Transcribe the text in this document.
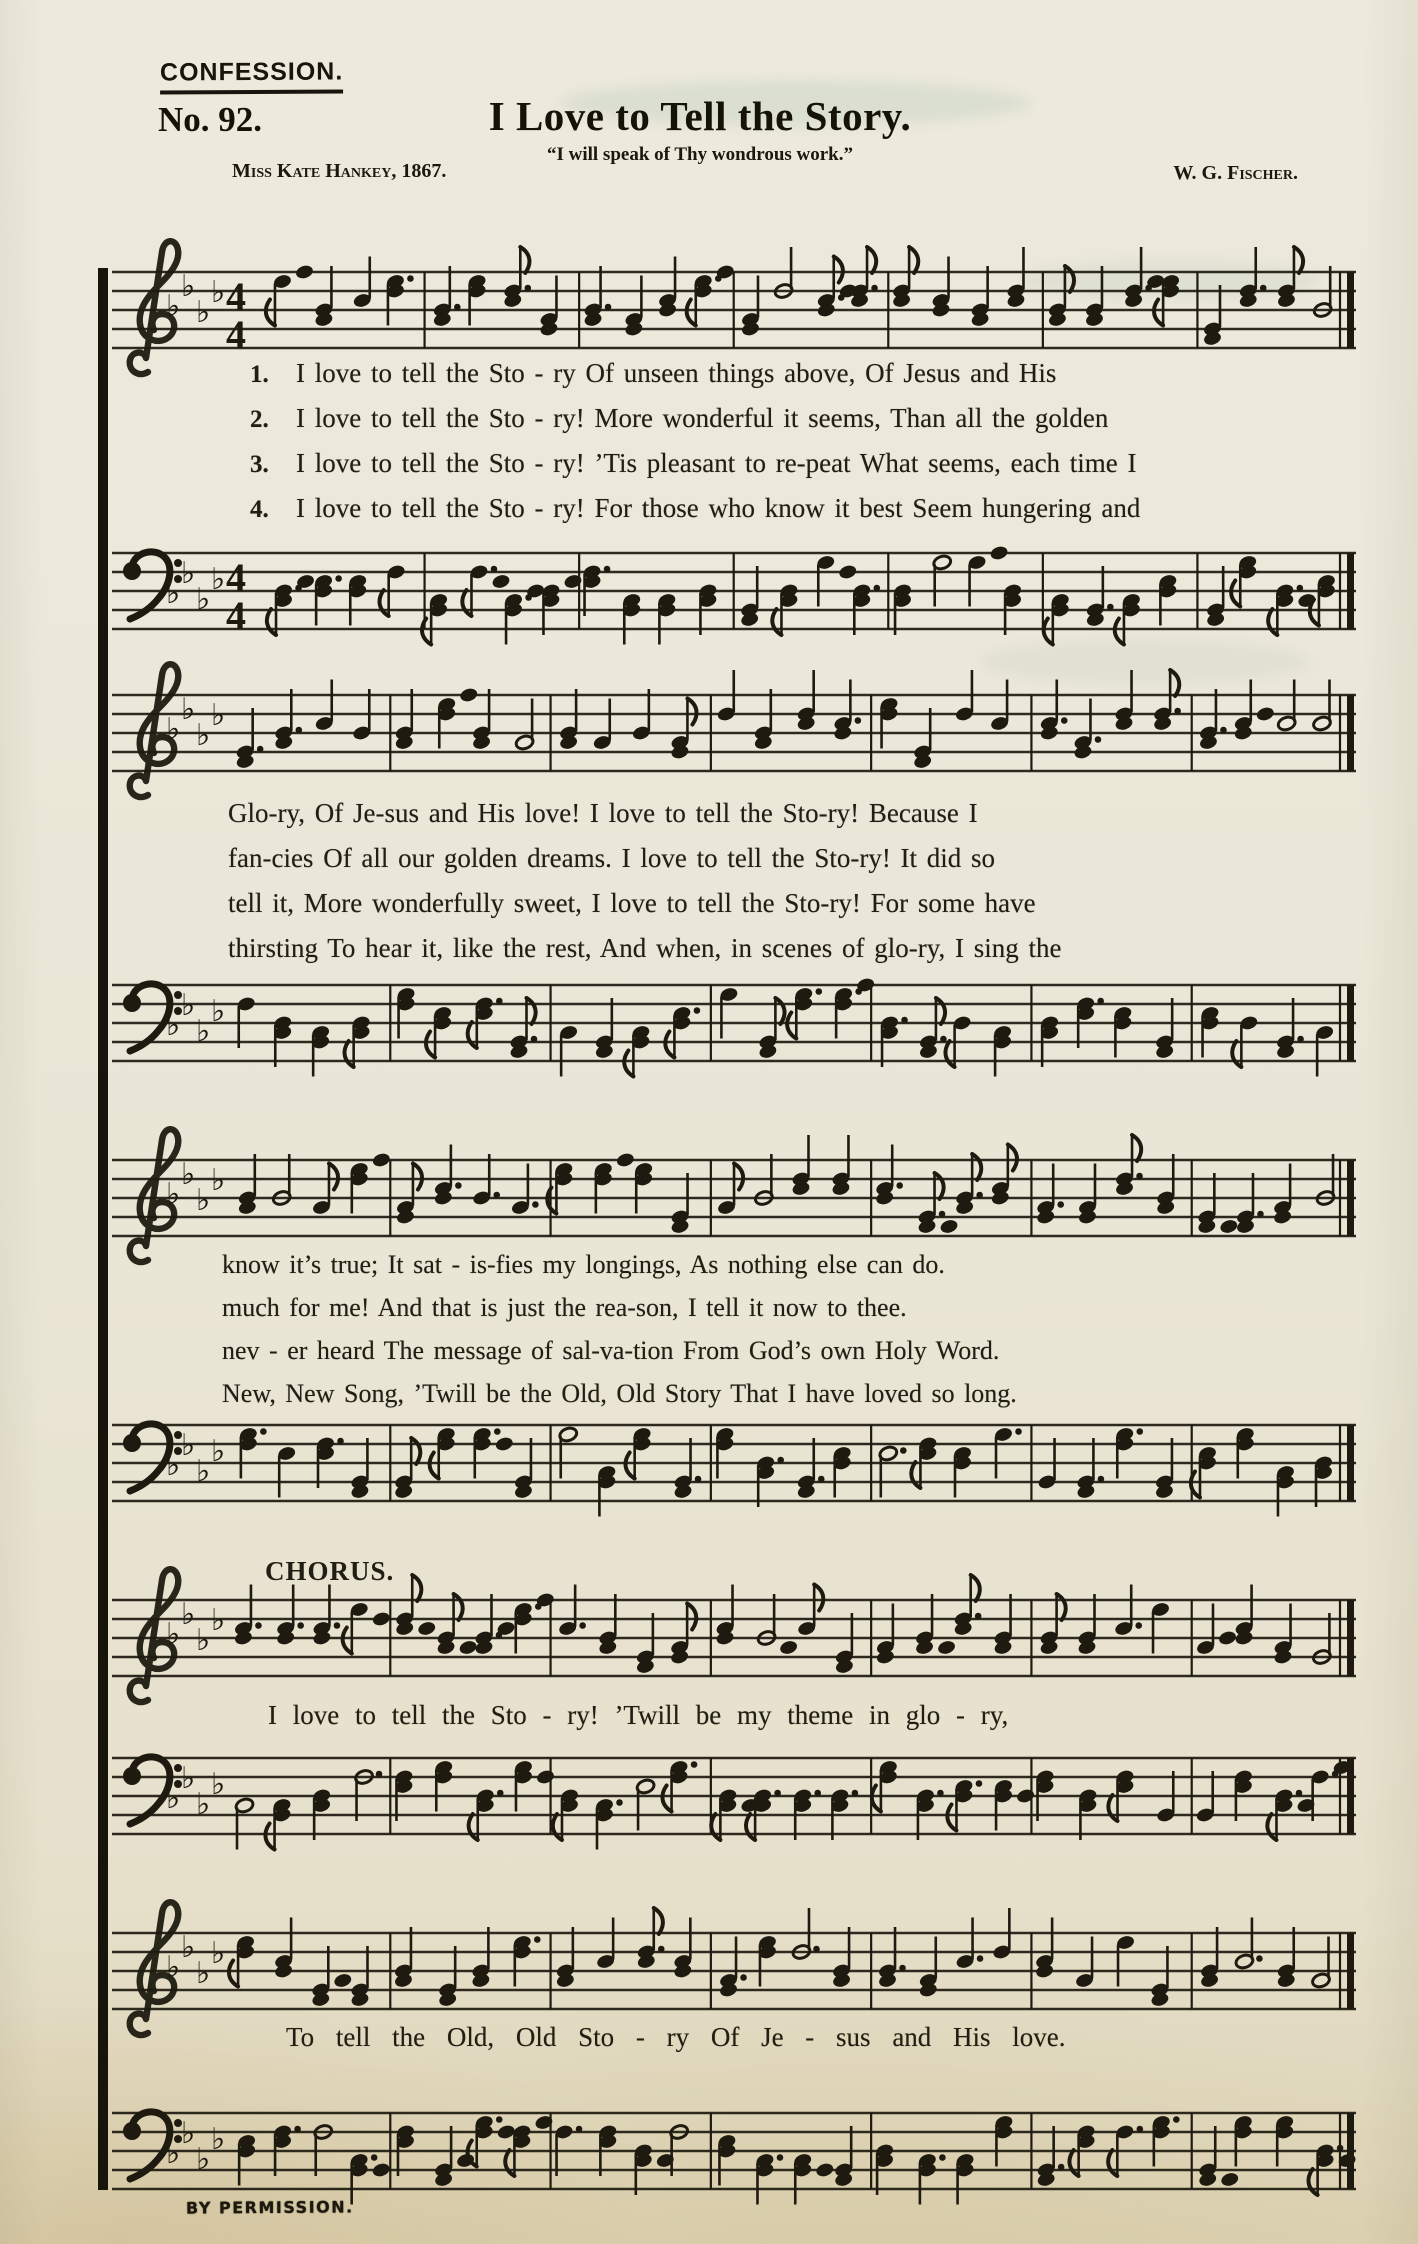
CONFESSION.
No. 92.	I Love to Tell the Story.
“I will speak of Thy wondrous work.”
Miss Kate Hankey, 1867.	W. G. Fischer.
♭
♭
♭
♭ 4
4
♭
♭
♭
♭ 4
4
♭
♭
♭
♭
♭
♭
♭
♭
♭
♭
♭
♭
♭
♭
♭
♭
♭
♭
♭
♭
♭
♭
♭
♭
♭
♭
♭
♭
♭
♭
♭
♭
1. I love to tell the Sto - ry Of unseen things above, Of Jesus and His
2. I love to tell the Sto - ry! More wonderful it seems, Than all the golden
3. I love to tell the Sto - ry! ’Tis pleasant to re-peat What seems, each time I
4. I love to tell the Sto - ry! For those who know it best Seem hungering and
Glo-ry, Of Je-sus and His love! I love to tell the Sto-ry! Because I
fan-cies Of all our golden dreams. I love to tell the Sto-ry! It did so
tell it, More wonderfully sweet, I love to tell the Sto-ry! For some have
thirsting To hear it, like the rest, And when, in scenes of glo-ry, I sing the
know it’s true; It sat - is-fies my longings, As nothing else can do.
much for me! And that is just the rea-son, I tell it now to thee.
nev - er heard The message of sal-va-tion From God’s own Holy Word.
New, New Song, ’Twill be the Old, Old Story That I have loved so long.
CHORUS.
I love to tell the Sto - ry! ’Twill be my theme in glo - ry,
To tell the Old, Old Sto - ry Of Je - sus and His love.
BY PERMISSION.
